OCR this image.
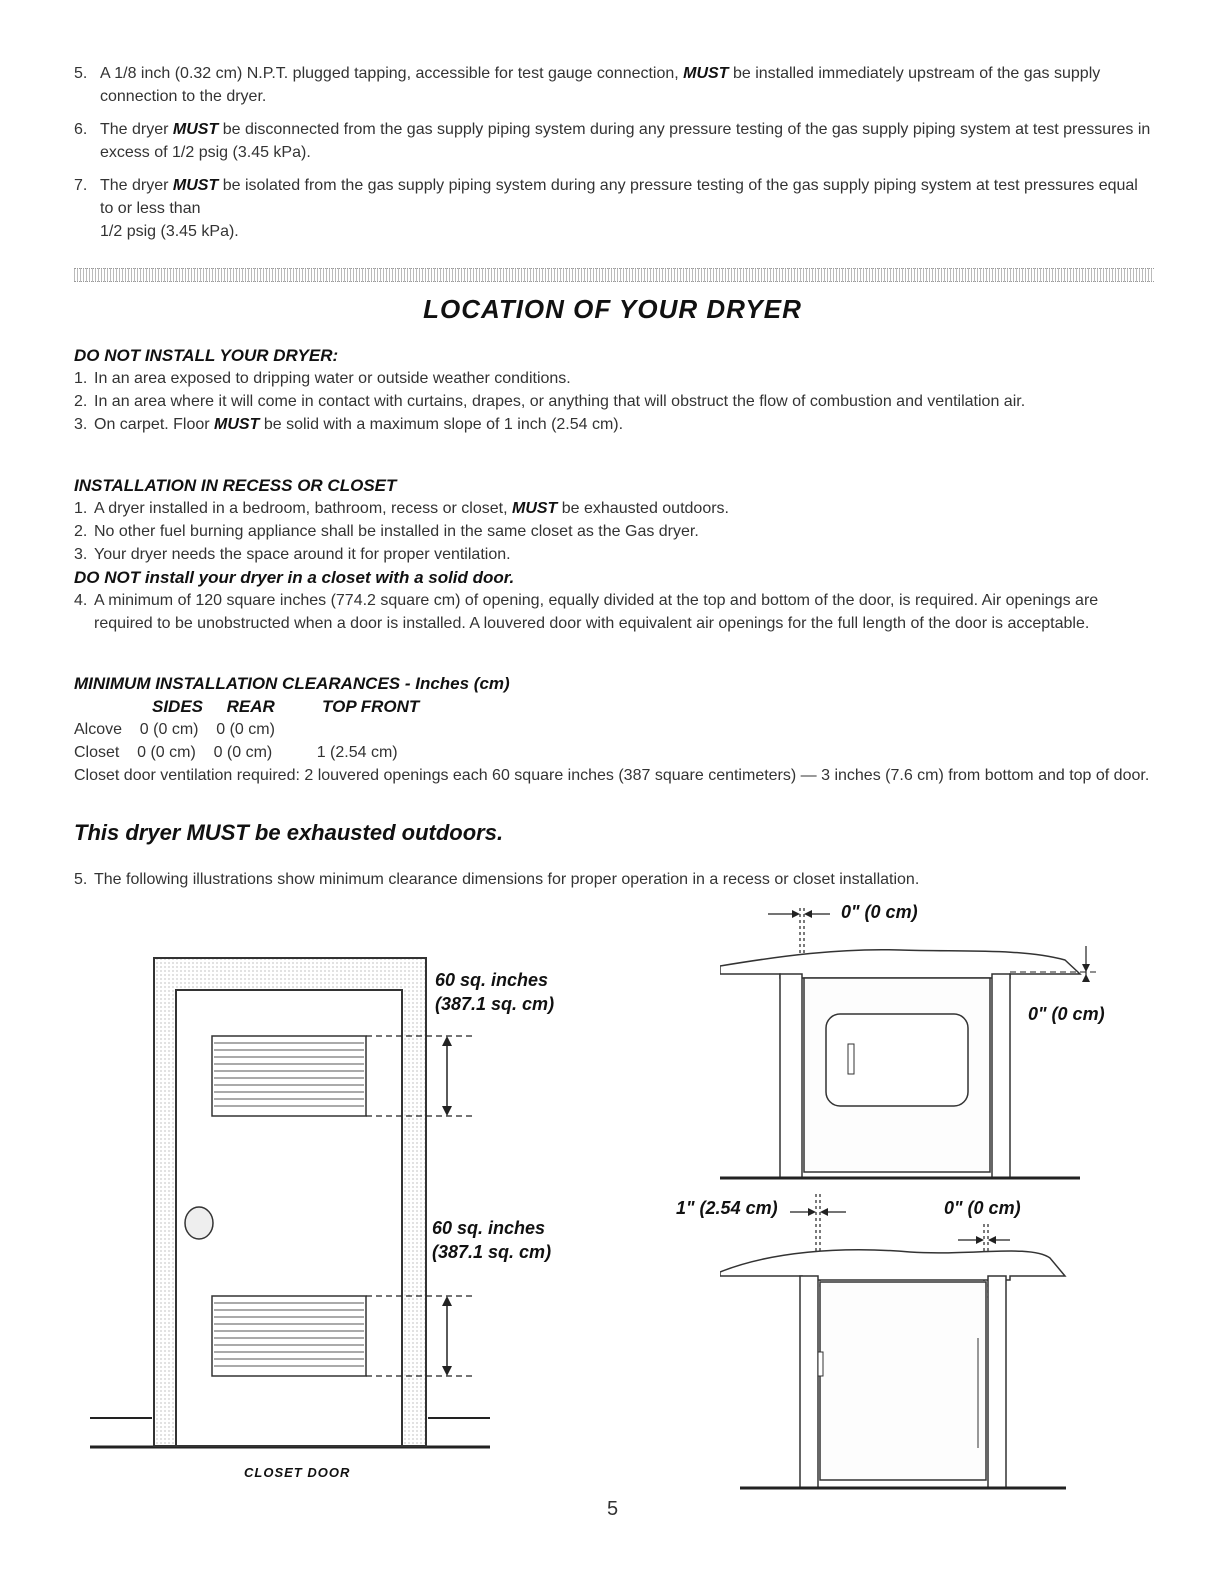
5. A 1/8 inch (0.32 cm) N.P.T. plugged tapping, accessible for test gauge connection, MUST be installed immediately upstream of the gas supply connection to the dryer.
6. The dryer MUST be disconnected from the gas supply piping system during any pressure testing of the gas supply piping system at test pressures in excess of 1/2 psig (3.45 kPa).
7. The dryer MUST be isolated from the gas supply piping system during any pressure testing of the gas supply piping system at test pressures equal to or less than
1/2 psig (3.45 kPa).
LOCATION OF YOUR DRYER
DO NOT INSTALL YOUR DRYER:
1. In an area exposed to dripping water or outside weather conditions.
2. In an area where it will come in contact with curtains, drapes, or anything that will obstruct the flow of combustion and ventilation air.
3. On carpet. Floor MUST be solid with a maximum slope of 1 inch (2.54 cm).
INSTALLATION IN RECESS OR CLOSET
1. A dryer installed in a bedroom, bathroom, recess or closet, MUST be exhausted outdoors.
2. No other fuel burning appliance shall be installed in the same closet as the Gas dryer.
3. Your dryer needs the space around it for proper ventilation.
DO NOT install your dryer in a closet with a solid door.
4. A minimum of 120 square inches (774.2 square cm) of opening, equally divided at the top and bottom of the door, is required. Air openings are required to be unobstructed when a door is installed. A louvered door with equivalent air openings for the full length of the door is acceptable.
MINIMUM INSTALLATION CLEARANCES - Inches (cm)
SIDES     REAR          TOP FRONT
Alcove    0 (0 cm)    0 (0 cm)
Closet    0 (0 cm)    0 (0 cm)          1 (2.54 cm)
Closet door ventilation required: 2 louvered openings each 60 square inches (387 square centimeters) — 3 inches (7.6 cm) from bottom and top of door.
This dryer MUST be exhausted outdoors.
5. The following illustrations show minimum clearance dimensions for proper operation in a recess or closet installation.
60 sq. inches
(387.1 sq. cm)
60 sq. inches
(387.1 sq. cm)
CLOSET DOOR
0" (0 cm)
0" (0 cm)
1" (2.54 cm)	0" (0 cm)
5
